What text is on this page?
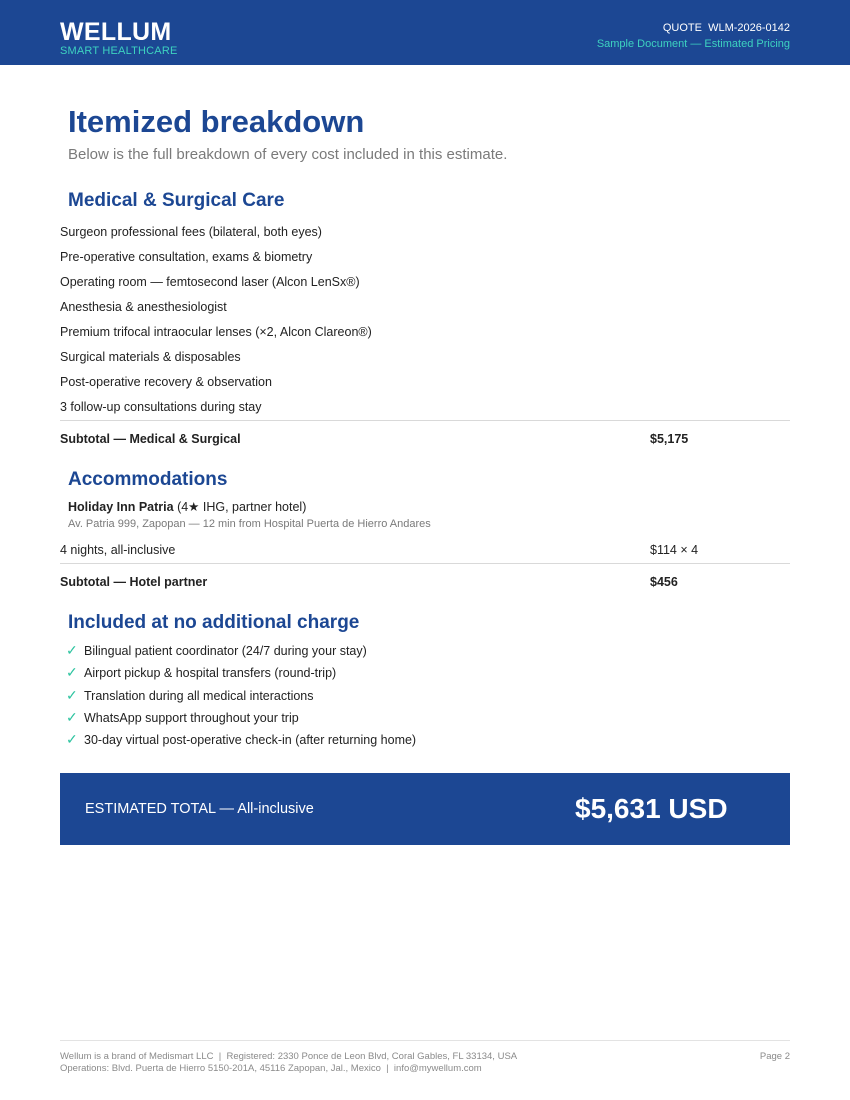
WELLUM
SMART HEALTHCARE
QUOTE  WLM-2026-0142
Sample Document — Estimated Pricing
Itemized breakdown
Below is the full breakdown of every cost included in this estimate.
Medical & Surgical Care
Surgeon professional fees (bilateral, both eyes)
Pre-operative consultation, exams & biometry
Operating room — femtosecond laser (Alcon LenSx®)
Anesthesia & anesthesiologist
Premium trifocal intraocular lenses (×2, Alcon Clareon®)
Surgical materials & disposables
Post-operative recovery & observation
3 follow-up consultations during stay
Subtotal — Medical & Surgical	$5,175
Accommodations
Holiday Inn Patria (4★ IHG, partner hotel)
Av. Patria 999, Zapopan — 12 min from Hospital Puerta de Hierro Andares
4 nights, all-inclusive	$114 × 4
Subtotal — Hotel partner	$456
Included at no additional charge
✓ Bilingual patient coordinator (24/7 during your stay)
✓ Airport pickup & hospital transfers (round-trip)
✓ Translation during all medical interactions
✓ WhatsApp support throughout your trip
✓ 30-day virtual post-operative check-in (after returning home)
ESTIMATED TOTAL — All-inclusive	$5,631 USD
Wellum is a brand of Medismart LLC  |  Registered: 2330 Ponce de Leon Blvd, Coral Gables, FL 33134, USA
Operations: Blvd. Puerta de Hierro 5150-201A, 45116 Zapopan, Jal., Mexico  |  info@mywellum.com
Page 2
